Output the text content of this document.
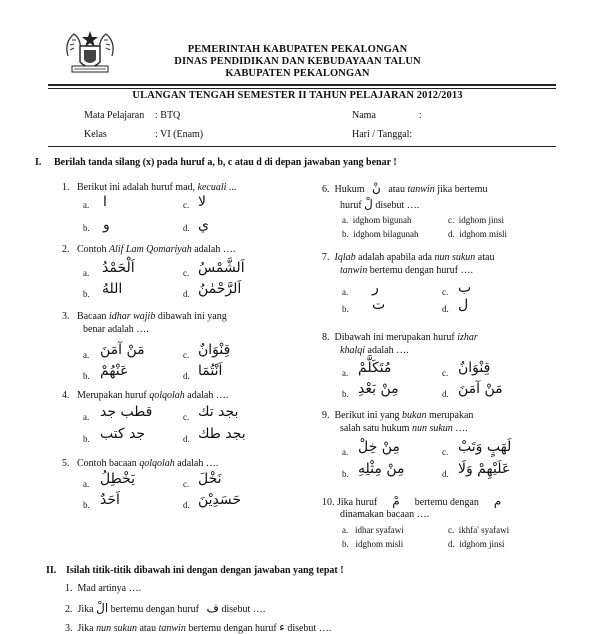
PEMERINTAH KABUPATEN PEKALONGAN
DINAS PENDIDIKAN DAN KEBUDAYAAN TALUN
KABUPATEN PEKALONGAN
ULANGAN TENGAH SEMESTER II TAHUN PELAJARAN 2012/2013
Mata Pelajaran : BTQ	Nama	:
Kelas	: VI (Enam)	Hari / Tanggal:
I. Berilah tanda silang (x) pada huruf a, b, c atau d di depan jawaban yang benar !
1. Berikut ini adalah huruf mad, kecuali ...
a. ا	c. لا
b. و	d. ي
2. Contoh Alif Lam Qomariyah adalah ….
a. اَلْحَمْدُ	c. اَلشَّمْسُ
b. اللهُ	d. اَلرَّحْمٰنُ
3. Bacaan idhar wajib dibawah ini yang
benar adalah ….
a. مَنْ آمَنَ	c. قِنْوَانٌ
b. عَنْهُمْ	d. اَنْتُمَا
4. Merupakan huruf qolqolah adalah ….
a. قطب جد	c. بجد تك
b. جد كتب	d. بجد طك
5. Contoh bacaan qolqolah adalah ….
a. يَخْطِلُ	c. نَخْلَ
b. اَحَدٌ	d. حَسَدِيْنَ
6. Hukum نْ atau tanwin jika bertemu
huruf لْ disebut ….
a.  idghom bigunah	c.  idghom jinsi
b.  idghom bilagunah	d.  idghom misli
7. Iqlab adalah apabila ada nun sukun atau
tanwin bertemu dengan huruf ….
a. ر	c. ب
b. ت	d. ل
8. Dibawah ini merupakan huruf izhar
khalqi adalah ….
a. مُتَكَلَّمْ	c. قِنْوَانٌ
b. مِنْ بَعْدِ	d. مَنْ آمَنَ
9. Berikut ini yang bukan merupakan
salah satu hukum nun sukun ….
a. مِنْ خِلْ	c. لَهَبٍ وَتَبْ
b. مِنْ مِثْلِهِ	d. عَلَيْهِمْ وَلَا
10. Jika huruf مْ bertemu dengan م
dinamakan bacaan ….
a.   idhar syafawi	c.  ikhfa' syafawi
b.   idghom misli	d.  idghom jinsi
II. Isilah titik-titik dibawah ini dengan dengan jawaban yang tepat !
1. Mad artinya ….
2. Jika الْ bertemu dengan huruf   ف disebut ….
3. Jika nun sukun atau tanwin bertemu dengan huruf ء disebut ….
